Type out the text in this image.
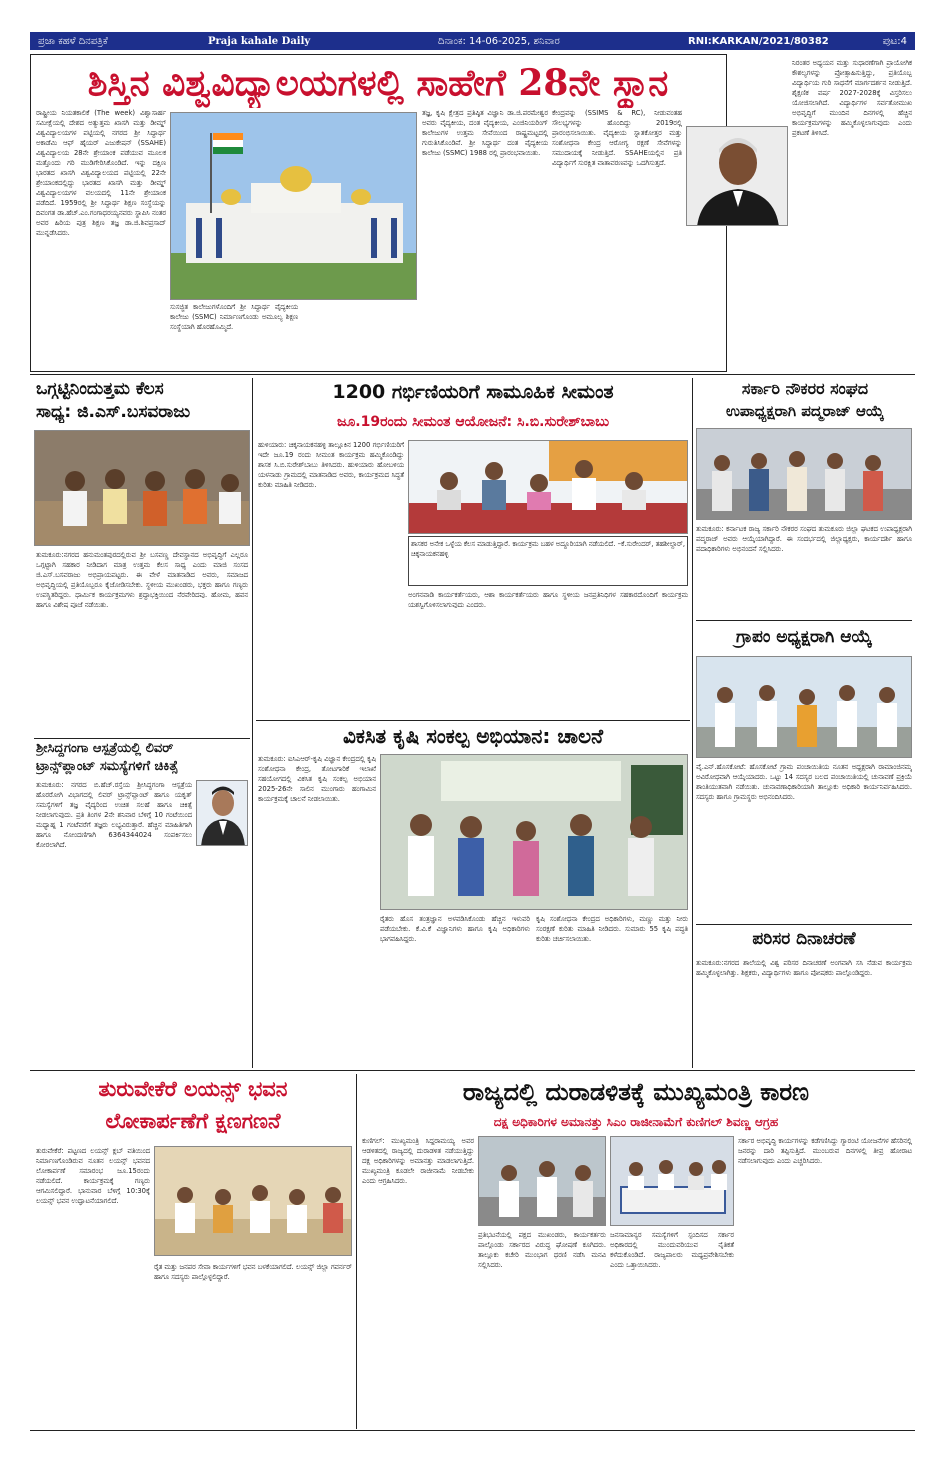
ಪ್ರಜಾ ಕಹಳೆ ದಿನಪತ್ರಿಕೆ	Praja kahale Daily	ದಿನಾಂಕ: 14-06-2025, ಶನಿವಾರ	RNI:KARKAN/2021/80382	ಪುಟ:4
ಶಿಸ್ತಿನ ವಿಶ್ವವಿದ್ಯಾಲಯಗಳಲ್ಲಿ ಸಾಹೇಗೆ 28ನೇ ಸ್ಥಾನ
ರಾಷ್ಟ್ರೀಯ ನಿಯತಕಾಲಿಕೆ (The week) ವಿಶ್ವಾಸಾರ್ಹ ಸಮೀಕ್ಷೆಯಲ್ಲಿ ದೇಶದ ಅತ್ಯುತ್ತಮ ಖಾಸಗಿ ಮತ್ತು ಡೀಮ್ಡ್ ವಿಶ್ವವಿದ್ಯಾಲಯಗಳ ಪಟ್ಟಿಯಲ್ಲಿ ನಗರದ ಶ್ರೀ ಸಿದ್ಧಾರ್ಥ ಅಕಾಡೆಮಿ ಆಫ್ ಹೈಯರ್ ಎಜುಕೇಷನ್ (SSAHE) ವಿಶ್ವವಿದ್ಯಾಲಯ 28ನೇ ಶ್ರೇಯಾಂಕ ಪಡೆಯುವ ಮೂಲಕ ಮತ್ತೊಂದು ಗರಿ ಮುಡಿಗೇರಿಸಿಕೊಂಡಿದೆ. ಇನ್ನು ದಕ್ಷಿಣ ಭಾರತದ ಖಾಸಗಿ ವಿಶ್ವವಿದ್ಯಾಲಯದ ಪಟ್ಟಿಯಲ್ಲಿ 22ನೇ ಶ್ರೇಯಾಂಕದಲ್ಲಿದ್ದು ಭಾರತದ ಖಾಸಗಿ ಮತ್ತು ಡೀಮ್ಡ್ ವಿಶ್ವವಿದ್ಯಾಲಯಗಳ ವಲಯದಲ್ಲಿ 11ನೇ ಶ್ರೇಯಾಂಕ ಪಡೆದಿದೆ. 1959ರಲ್ಲಿ ಶ್ರೀ ಸಿದ್ಧಾರ್ಥ ಶಿಕ್ಷಣ ಸಂಸ್ಥೆಯನ್ನು ದಿವಂಗತ ಡಾ.ಹೆಚ್.ಎಂ.ಗಂಗಾಧರಯ್ಯನವರು ಸ್ಥಾಪಿಸಿ ನಂತರ ಅವರ ಹಿರಿಯ ಪುತ್ರ ಶಿಕ್ಷಣ ತಜ್ಞ ಡಾ.ಜಿ.ಶಿವಪ್ರಸಾದ್ ಮುನ್ನಡೆಸಿದರು.
ಸುಸಜ್ಜಿತ ಕಾಲೇಜುಗಳೊಂದಿಗೆ ಶ್ರೀ ಸಿದ್ಧಾರ್ಥ ವೈದ್ಯಕೀಯ ಕಾಲೇಜು (SSMC) ನಿರ್ಮಾಣಗೊಂಡು ಅಮೂಲ್ಯ ಶಿಕ್ಷಣ ಸಂಸ್ಥೆಯಾಗಿ ಹೊರಹೊಮ್ಮಿದೆ.
ತಜ್ಞ, ಕೃಷಿ ಕ್ಷೇತ್ರದ ಪ್ರತಿಷ್ಠಿತ ವಿಜ್ಞಾನಿ ಡಾ.ಜಿ.ಪರಮೇಶ್ವರ ಅವರು ವೈದ್ಯಕೀಯ, ದಂತ ವೈದ್ಯಕೀಯ, ಎಂಜಿನಿಯರಿಂಗ್ ಕಾಲೇಜುಗಳ ಉತ್ತಮ ಸೇವೆಯಿಂದ ರಾಷ್ಟ್ರಮಟ್ಟದಲ್ಲಿ ಗುರುತಿಸಿಕೊಂಡಿವೆ. ಶ್ರೀ ಸಿದ್ಧಾರ್ಥ ದಂತ ವೈದ್ಯಕೀಯ ಕಾಲೇಜು (SSMC) 1988 ರಲ್ಲಿ ಪ್ರಾರಂಭವಾಯಿತು.
ಕೇಂದ್ರವನ್ನು (SSIMS & RC), ನೀಡುವಂತಹ ಸೌಲಭ್ಯಗಳನ್ನು ಹೊಂದಿದ್ದು 2019ರಲ್ಲಿ ಪ್ರಾರಂಭಿಸಲಾಯಿತು. ವೈದ್ಯಕೀಯ ಸ್ನಾತಕೋತ್ತರ ಮತ್ತು ಸಂಶೋಧನಾ ಕೇಂದ್ರ ಆರೋಗ್ಯ ರಕ್ಷಣೆ ಸೇವೆಗಳನ್ನು ಸಮುದಾಯಕ್ಕೆ ನೀಡುತ್ತಿದೆ. SSAHEಯಲ್ಲಿನ ಪ್ರತಿ ವಿದ್ಯಾರ್ಥಿಗೆ ಸುರಕ್ಷಿತ ವಾತಾವರಣವನ್ನು ಒದಗಿಸುತ್ತದೆ.
ನಿರಂತರ ಅಧ್ಯಯನ ಮತ್ತು ಸುಧಾರಣೆಗಾಗಿ ಪ್ರಾಯೋಗಿಕ ಕೌಶಲ್ಯಗಳನ್ನು ಪ್ರೋತ್ಸಾಹಿಸುತ್ತಿದ್ದು, ಪ್ರತಿಯೊಬ್ಬ ವಿದ್ಯಾರ್ಥಿಯ ಗುರಿ ಸಾಧನೆಗೆ ಮಾರ್ಗದರ್ಶನ ನೀಡುತ್ತಿದೆ. ಶೈಕ್ಷಣಿಕ ವರ್ಷ 2027-2028ಕ್ಕೆ ವಿಸ್ತರಿಸಲು ಯೋಜಿಸಲಾಗಿದೆ. ವಿದ್ಯಾರ್ಥಿಗಳ ಸರ್ವತೋಮುಖ ಅಭಿವೃದ್ಧಿಗೆ ಮುಂದಿನ ದಿನಗಳಲ್ಲಿ ಹೆಚ್ಚಿನ ಕಾರ್ಯಕ್ರಮಗಳನ್ನು ಹಮ್ಮಿಕೊಳ್ಳಲಾಗುವುದು ಎಂದು ಪ್ರಕಟಣೆ ತಿಳಿಸಿದೆ.
ಒಗ್ಗಟ್ಟಿನಿಂದುತ್ತಮ ಕೆಲಸ
ಸಾಧ್ಯ: ಜಿ.ಎಸ್.ಬಸವರಾಜು
ತುಮಕೂರು:ನಗರದ ಹನುಮಂತಪುರದಲ್ಲಿರುವ ಶ್ರೀ ಬಸವಣ್ಣ ದೇವಸ್ಥಾನದ ಅಭಿವೃದ್ಧಿಗೆ ಎಲ್ಲರೂ ಒಗ್ಗಟ್ಟಾಗಿ ಸಹಕಾರ ನೀಡಿದಾಗ ಮಾತ್ರ ಉತ್ತಮ ಕೆಲಸ ಸಾಧ್ಯ ಎಂದು ಮಾಜಿ ಸಂಸದ ಜಿ.ಎಸ್.ಬಸವರಾಜು ಅಭಿಪ್ರಾಯಪಟ್ಟರು. ಈ ವೇಳೆ ಮಾತನಾಡಿದ ಅವರು, ಸಮಾಜದ ಅಭಿವೃದ್ಧಿಯಲ್ಲಿ ಪ್ರತಿಯೊಬ್ಬರೂ ಕೈಜೋಡಿಸಬೇಕು. ಸ್ಥಳೀಯ ಮುಖಂಡರು, ಭಕ್ತರು ಹಾಗೂ ಗಣ್ಯರು ಉಪಸ್ಥಿತರಿದ್ದರು. ಧಾರ್ಮಿಕ ಕಾರ್ಯಕ್ರಮಗಳು ಶ್ರದ್ಧಾಭಕ್ತಿಯಿಂದ ನೆರವೇರಿದವು. ಹೋಮ, ಹವನ ಹಾಗೂ ವಿಶೇಷ ಪೂಜೆ ನಡೆಯಿತು.
ಶ್ರೀಸಿದ್ದಗಂಗಾ ಆಸ್ಪತ್ರೆಯಲ್ಲಿ ಲಿವರ್
ಟ್ರಾನ್ಸ್‌ಪ್ಲಾಂಟ್ ಸಮಸ್ಯೆಗಳಿಗೆ ಚಿಕಿತ್ಸೆ
ತುಮಕೂರು: ನಗರದ ಬಿ.ಹೆಚ್.ರಸ್ತೆಯ ಶ್ರೀಸಿದ್ಧಗಂಗಾ ಆಸ್ಪತ್ರೆಯ ಹೊರರೋಗಿ ವಿಭಾಗದಲ್ಲಿ ಲಿವರ್ ಟ್ರಾನ್ಸ್‌ಪ್ಲಾಂಟ್ ಹಾಗೂ ಯಕೃತ್ ಸಮಸ್ಯೆಗಳಿಗೆ ತಜ್ಞ ವೈದ್ಯರಿಂದ ಉಚಿತ ಸಲಹೆ ಹಾಗೂ ಚಿಕಿತ್ಸೆ ನೀಡಲಾಗುವುದು. ಪ್ರತಿ ತಿಂಗಳ 2ನೇ ಶನಿವಾರ ಬೆಳಿಗ್ಗೆ 10 ಗಂಟೆಯಿಂದ ಮಧ್ಯಾಹ್ನ 1 ಗಂಟೆವರೆಗೆ ತಜ್ಞರು ಲಭ್ಯವಿರುತ್ತಾರೆ. ಹೆಚ್ಚಿನ ಮಾಹಿತಿಗಾಗಿ ಹಾಗೂ ನೋಂದಣಿಗಾಗಿ 6364344024 ಸಂಪರ್ಕಿಸಲು ಕೋರಲಾಗಿದೆ.
1200 ಗರ್ಭಿಣಿಯರಿಗೆ ಸಾಮೂಹಿಕ ಸೀಮಂತ
ಜೂ.19ರಂದು ಸೀಮಂತ ಆಯೋಜನೆ: ಸಿ.ಬಿ.ಸುರೇಶ್‌ಬಾಬು
ಹುಳಿಯಾರು: ಚಿಕ್ಕನಾಯಕನಹಳ್ಳಿ ತಾಲ್ಲೂಕಿನ 1200 ಗರ್ಭಿಣಿಯರಿಗೆ ಇದೇ ಜೂ.19 ರಂದು ಸೀಮಂತ ಕಾರ್ಯಕ್ರಮ ಹಮ್ಮಿಕೊಂಡಿದ್ದು ಶಾಸಕ ಸಿ.ಬಿ.ಸುರೇಶ್‌ಬಾಬು ತಿಳಿಸಿದರು. ಹುಳಿಯಾರು ಹೋಬಳಿಯ ಯಳನಾಡು ಗ್ರಾಮದಲ್ಲಿ ಮಾತನಾಡಿದ ಅವರು, ಕಾರ್ಯಕ್ರಮದ ಸಿದ್ಧತೆ ಕುರಿತು ಮಾಹಿತಿ ನೀಡಿದರು.
ಶಾಸಕರ ಅನೇಕ ಒಳ್ಳೆಯ ಕೆಲಸ ಮಾಡುತ್ತಿದ್ದಾರೆ. ಕಾರ್ಯಕ್ರಮ ಬಹಳ ಅದ್ಧೂರಿಯಾಗಿ ನಡೆಯಲಿದೆ. –ಕೆ.ಸುರೇಂದರ್, ತಹಶೀಲ್ದಾರ್, ಚಿಕ್ಕನಾಯಕನಹಳ್ಳಿ
ಅಂಗನವಾಡಿ ಕಾರ್ಯಕರ್ತೆಯರು, ಆಶಾ ಕಾರ್ಯಕರ್ತೆಯರು ಹಾಗೂ ಸ್ಥಳೀಯ ಜನಪ್ರತಿನಿಧಿಗಳ ಸಹಕಾರದೊಂದಿಗೆ ಕಾರ್ಯಕ್ರಮ ಯಶಸ್ವಿಗೊಳಿಸಲಾಗುವುದು ಎಂದರು.
ವಿಕಸಿತ ಕೃಷಿ ಸಂಕಲ್ಪ ಅಭಿಯಾನ: ಚಾಲನೆ
ತುಮಕೂರು: ಐಸಿಎಆರ್-ಕೃಷಿ ವಿಜ್ಞಾನ ಕೇಂದ್ರದಲ್ಲಿ ಕೃಷಿ ಸಂಶೋಧನಾ ಕೇಂದ್ರ, ತೋಟಗಾರಿಕೆ ಇಲಾಖೆ ಸಹಯೋಗದಲ್ಲಿ ವಿಕಸಿತ ಕೃಷಿ ಸಂಕಲ್ಪ ಅಭಿಯಾನ 2025-26ನೇ ಸಾಲಿನ ಮುಂಗಾರು ಹಂಗಾಮಿನ ಕಾರ್ಯಕ್ರಮಕ್ಕೆ ಚಾಲನೆ ನೀಡಲಾಯಿತು.
ರೈತರು ಹೊಸ ತಂತ್ರಜ್ಞಾನ ಅಳವಡಿಸಿಕೊಂಡು ಹೆಚ್ಚಿನ ಇಳುವರಿ ಪಡೆಯಬೇಕು. ಕೆ.ವಿ.ಕೆ ವಿಜ್ಞಾನಿಗಳು ಹಾಗೂ ಕೃಷಿ ಅಧಿಕಾರಿಗಳು ಭಾಗವಹಿಸಿದ್ದರು.
ಕೃಷಿ ಸಂಶೋಧನಾ ಕೇಂದ್ರದ ಅಧಿಕಾರಿಗಳು, ಮಣ್ಣು ಮತ್ತು ನೀರು ಸಂರಕ್ಷಣೆ ಕುರಿತು ಮಾಹಿತಿ ನೀಡಿದರು. ಸುಮಾರು 55 ಕೃಷಿ ಪದ್ಧತಿ ಕುರಿತು ಚರ್ಚಿಸಲಾಯಿತು.
ಸರ್ಕಾರಿ ನೌಕರರ ಸಂಘದ
ಉಪಾಧ್ಯಕ್ಷರಾಗಿ ಪದ್ಮರಾಜ್ ಆಯ್ಕೆ
ತುಮಕೂರು: ಕರ್ನಾಟಕ ರಾಜ್ಯ ಸರ್ಕಾರಿ ನೌಕರರ ಸಂಘದ ತುಮಕೂರು ಜಿಲ್ಲಾ ಘಟಕದ ಉಪಾಧ್ಯಕ್ಷರಾಗಿ ಪದ್ಮರಾಜ್ ಅವರು ಆಯ್ಕೆಯಾಗಿದ್ದಾರೆ. ಈ ಸಂದರ್ಭದಲ್ಲಿ ಜಿಲ್ಲಾಧ್ಯಕ್ಷರು, ಕಾರ್ಯದರ್ಶಿ ಹಾಗೂ ಪದಾಧಿಕಾರಿಗಳು ಅಭಿನಂದನೆ ಸಲ್ಲಿಸಿದರು.
ಗ್ರಾಪಂ ಅಧ್ಯಕ್ಷರಾಗಿ ಆಯ್ಕೆ
ವೈ.ಎನ್.ಹೊಸಕೋಟೆ: ಹೊಸಕೋಟೆ ಗ್ರಾಮ ಪಂಚಾಯಿತಿಯ ನೂತನ ಅಧ್ಯಕ್ಷರಾಗಿ ರಾಮಾಂಜಿನಮ್ಮ ಅವಿರೋಧವಾಗಿ ಆಯ್ಕೆಯಾದರು. ಒಟ್ಟು 14 ಸದಸ್ಯರ ಬಲದ ಪಂಚಾಯಿತಿಯಲ್ಲಿ ಚುನಾವಣೆ ಪ್ರಕ್ರಿಯೆ ಶಾಂತಿಯುತವಾಗಿ ನಡೆಯಿತು. ಚುನಾವಣಾಧಿಕಾರಿಯಾಗಿ ತಾಲ್ಲೂಕು ಅಧಿಕಾರಿ ಕಾರ್ಯನಿರ್ವಹಿಸಿದರು. ಸದಸ್ಯರು ಹಾಗೂ ಗ್ರಾಮಸ್ಥರು ಅಭಿನಂದಿಸಿದರು.
ಪರಿಸರ ದಿನಾಚರಣೆ
ತುಮಕೂರು:ನಗರದ ಶಾಲೆಯಲ್ಲಿ ವಿಶ್ವ ಪರಿಸರ ದಿನಾಚರಣೆ ಅಂಗವಾಗಿ ಸಸಿ ನೆಡುವ ಕಾರ್ಯಕ್ರಮ ಹಮ್ಮಿಕೊಳ್ಳಲಾಗಿತ್ತು. ಶಿಕ್ಷಕರು, ವಿದ್ಯಾರ್ಥಿಗಳು ಹಾಗೂ ಪೋಷಕರು ಪಾಲ್ಗೊಂಡಿದ್ದರು.
ತುರುವೇಕೆರೆ ಲಯನ್ಸ್ ಭವನ
ಲೋಕಾರ್ಪಣೆಗೆ ಕ್ಷಣಗಣನೆ
ತುರುವೇಕೆರೆ: ಪಟ್ಟಣದ ಲಯನ್ಸ್ ಕ್ಲಬ್ ವತಿಯಿಂದ ನಿರ್ಮಾಣಗೊಂಡಿರುವ ನೂತನ ಲಯನ್ಸ್ ಭವನದ ಲೋಕಾರ್ಪಣೆ ಸಮಾರಂಭ ಜೂ.15ರಂದು ನಡೆಯಲಿದೆ. ಕಾರ್ಯಕ್ರಮಕ್ಕೆ ಗಣ್ಯರು ಆಗಮಿಸಲಿದ್ದಾರೆ. ಭಾನುವಾರ ಬೆಳಿಗ್ಗೆ 10:30ಕ್ಕೆ ಲಯನ್ಸ್ ಭವನ ಉದ್ಘಾಟನೆಯಾಗಲಿದೆ.
ರೈತ ಮತ್ತು ಜನಪರ ಸೇವಾ ಕಾರ್ಯಗಳಿಗೆ ಭವನ ಬಳಕೆಯಾಗಲಿದೆ. ಲಯನ್ಸ್ ಜಿಲ್ಲಾ ಗವರ್ನರ್ ಹಾಗೂ ಸದಸ್ಯರು ಪಾಲ್ಗೊಳ್ಳಲಿದ್ದಾರೆ.
ರಾಜ್ಯದಲ್ಲಿ ದುರಾಡಳಿತಕ್ಕೆ ಮುಖ್ಯಮಂತ್ರಿ ಕಾರಣ
ದಕ್ಷ ಅಧಿಕಾರಿಗಳ ಅಮಾನತ್ತು ಸಿಎಂ ರಾಜೀನಾಮೆಗೆ ಕುಣಿಗಲ್ ಶಿವಣ್ಣ ಆಗ್ರಹ
ಕುಣಿಗಲ್: ಮುಖ್ಯಮಂತ್ರಿ ಸಿದ್ದರಾಮಯ್ಯ ಅವರ ಆಡಳಿತದಲ್ಲಿ ರಾಜ್ಯದಲ್ಲಿ ದುರಾಡಳಿತ ನಡೆಯುತ್ತಿದ್ದು ದಕ್ಷ ಅಧಿಕಾರಿಗಳನ್ನು ಅಮಾನತ್ತು ಮಾಡಲಾಗುತ್ತಿದೆ. ಮುಖ್ಯಮಂತ್ರಿ ಕೂಡಲೇ ರಾಜೀನಾಮೆ ನೀಡಬೇಕು ಎಂದು ಆಗ್ರಹಿಸಿದರು.
ಪ್ರತಿಭಟನೆಯಲ್ಲಿ ಪಕ್ಷದ ಮುಖಂಡರು, ಕಾರ್ಯಕರ್ತರು ಪಾಲ್ಗೊಂಡು ಸರ್ಕಾರದ ವಿರುದ್ಧ ಘೋಷಣೆ ಕೂಗಿದರು. ತಾಲ್ಲೂಕು ಕಚೇರಿ ಮುಂಭಾಗ ಧರಣಿ ನಡೆಸಿ ಮನವಿ ಸಲ್ಲಿಸಿದರು.
ಜನಸಾಮಾನ್ಯರ ಸಮಸ್ಯೆಗಳಿಗೆ ಸ್ಪಂದಿಸದ ಸರ್ಕಾರ ಅಧಿಕಾರದಲ್ಲಿ ಮುಂದುವರಿಯುವ ನೈತಿಕತೆ ಕಳೆದುಕೊಂಡಿದೆ. ರಾಜ್ಯಪಾಲರು ಮಧ್ಯಪ್ರವೇಶಿಸಬೇಕು ಎಂದು ಒತ್ತಾಯಿಸಿದರು.
ಸರ್ಕಾರ ಅಭಿವೃದ್ಧಿ ಕಾರ್ಯಗಳನ್ನು ಕಡೆಗಣಿಸಿದ್ದು ಗ್ಯಾರಂಟಿ ಯೋಜನೆಗಳ ಹೆಸರಿನಲ್ಲಿ ಜನರನ್ನು ದಾರಿ ತಪ್ಪಿಸುತ್ತಿದೆ. ಮುಂಬರುವ ದಿನಗಳಲ್ಲಿ ತೀವ್ರ ಹೋರಾಟ ನಡೆಸಲಾಗುವುದು ಎಂದು ಎಚ್ಚರಿಸಿದರು.
